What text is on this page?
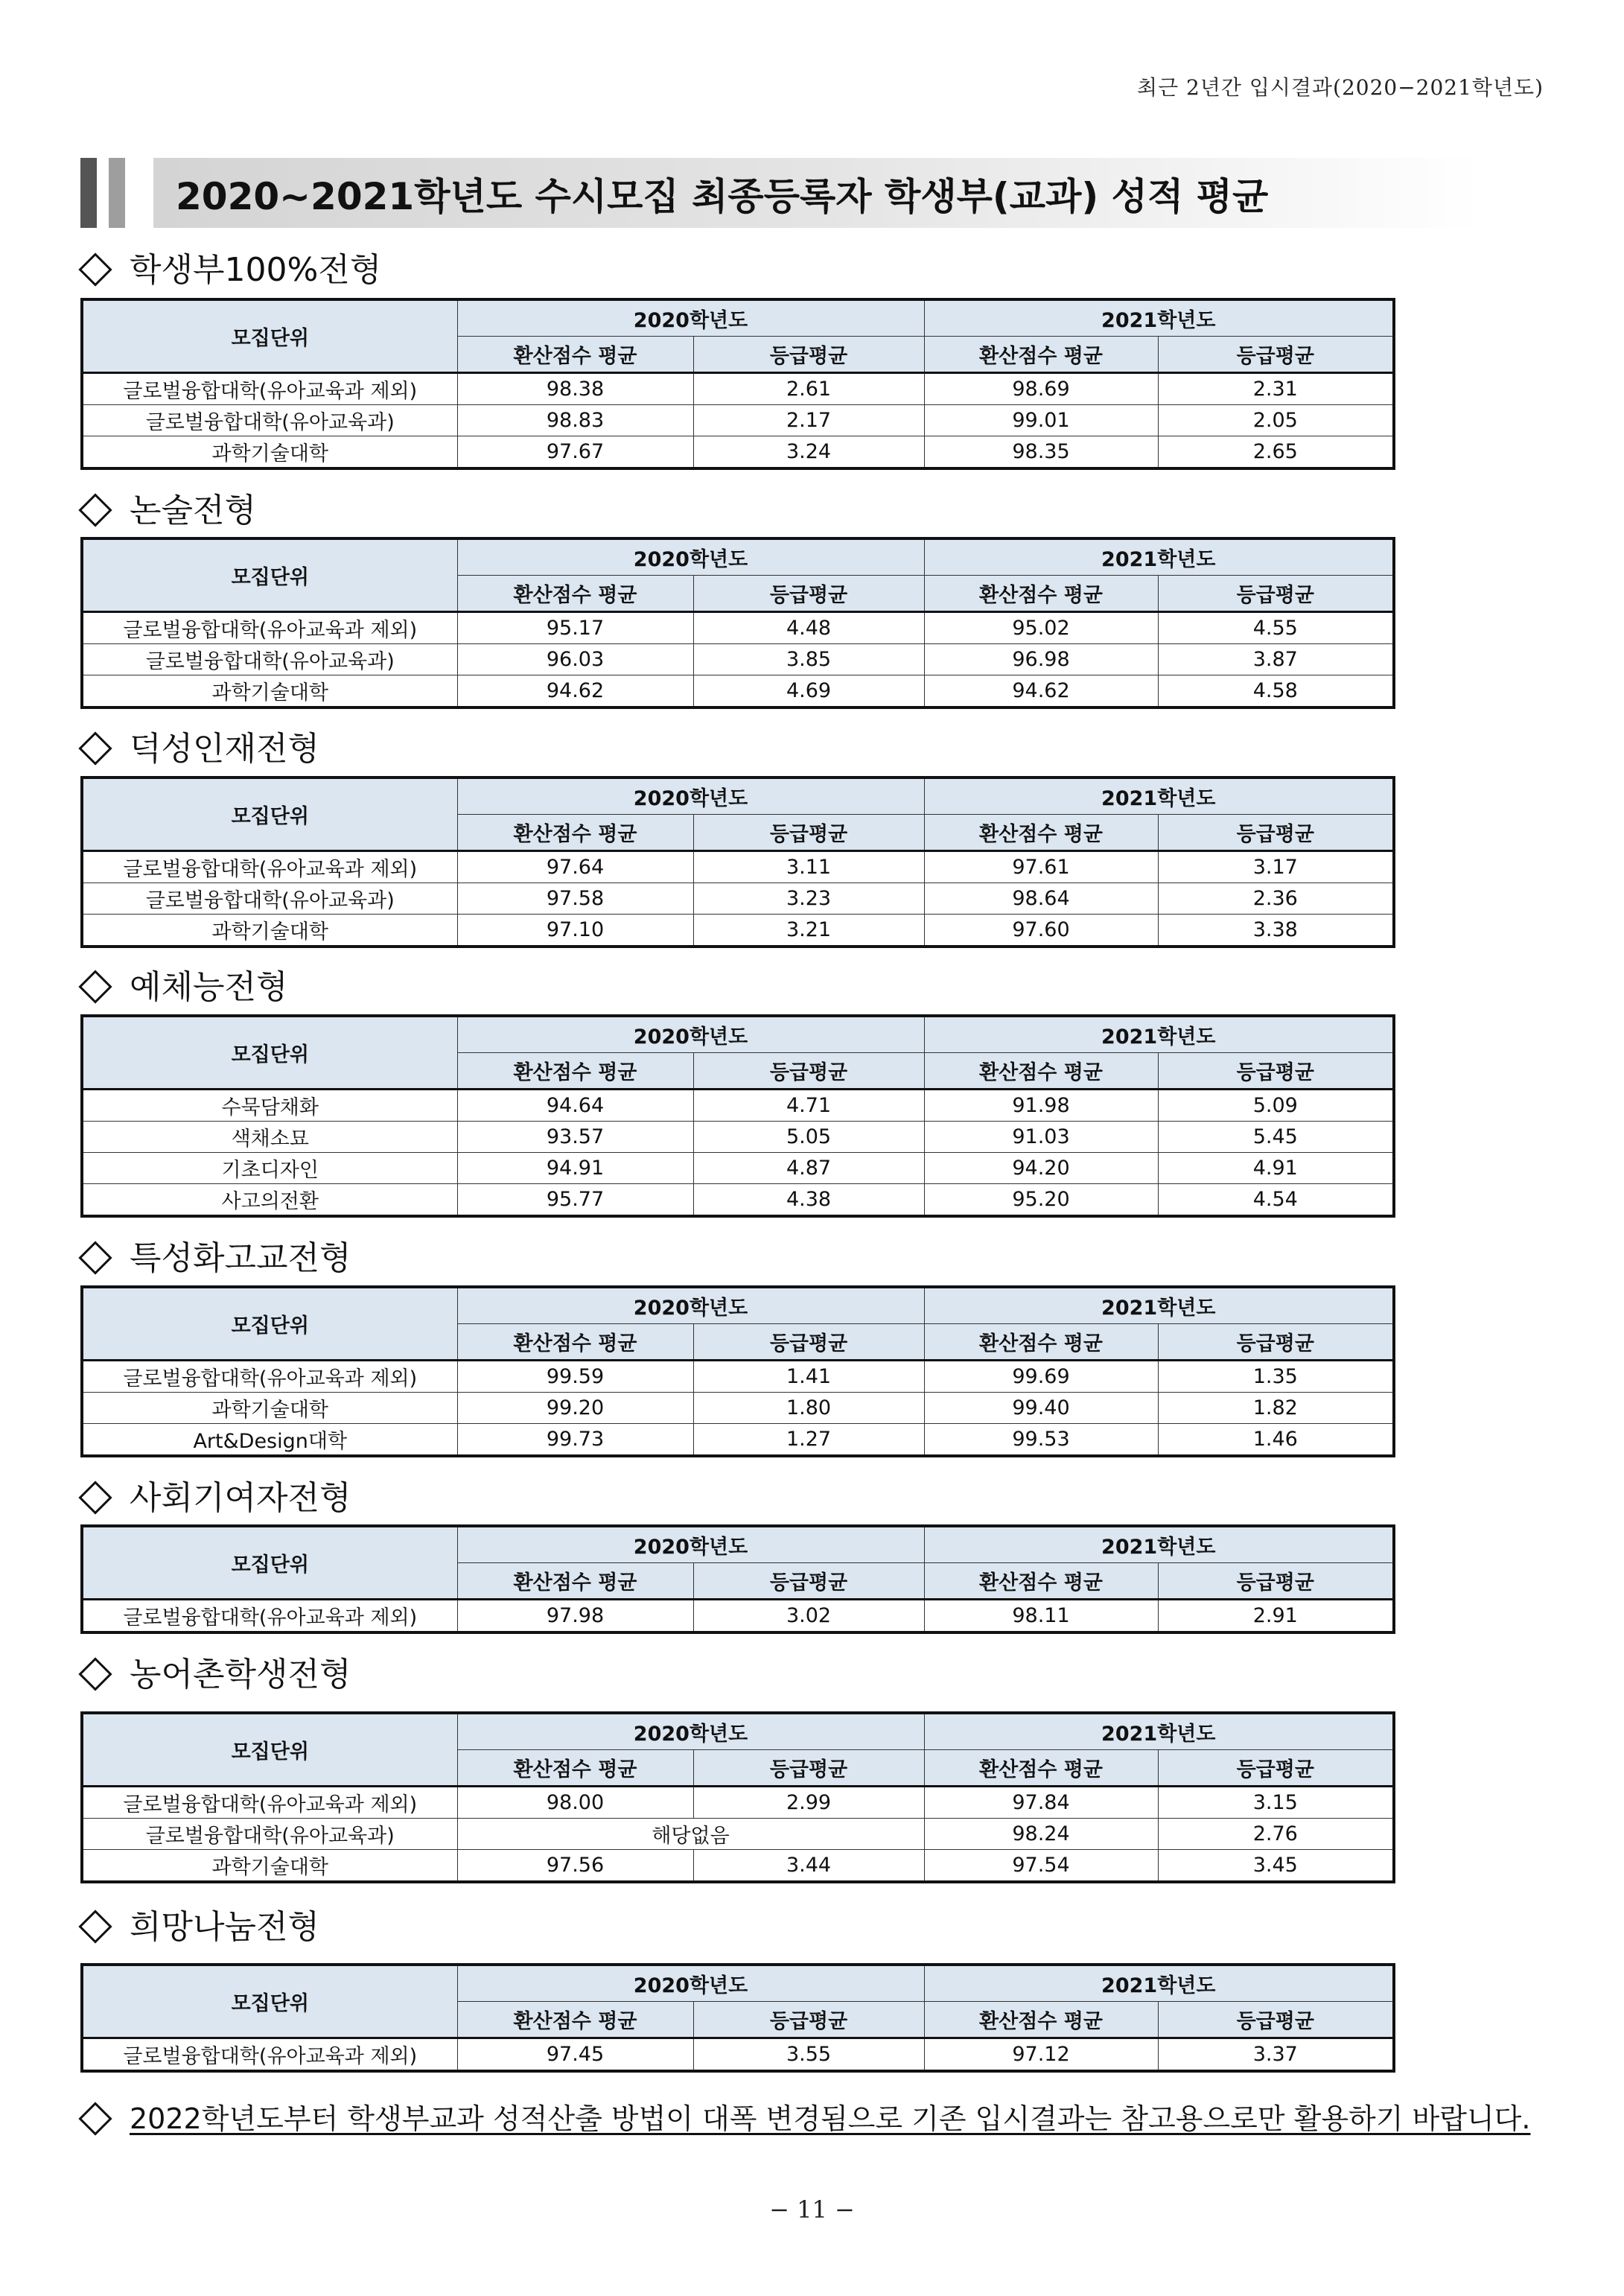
최근 2년간 입시결과(2020−2021학년도)
2020~2021학년도 수시모집 최종등록자 학생부(교과) 성적 평균
학생부100%전형
모집단위	2020학년도		2021학년도	
	환산점수 평균	등급평균	환산점수 평균	등급평균
글로벌융합대학(유아교육과 제외)	98.38	2.61	98.69	2.31
글로벌융합대학(유아교육과)	98.83	2.17	99.01	2.05
과학기술대학	97.67	3.24	98.35	2.65
논술전형
모집단위	2020학년도		2021학년도	
	환산점수 평균	등급평균	환산점수 평균	등급평균
글로벌융합대학(유아교육과 제외)	95.17	4.48	95.02	4.55
글로벌융합대학(유아교육과)	96.03	3.85	96.98	3.87
과학기술대학	94.62	4.69	94.62	4.58
덕성인재전형
모집단위	2020학년도		2021학년도	
	환산점수 평균	등급평균	환산점수 평균	등급평균
글로벌융합대학(유아교육과 제외)	97.64	3.11	97.61	3.17
글로벌융합대학(유아교육과)	97.58	3.23	98.64	2.36
과학기술대학	97.10	3.21	97.60	3.38
예체능전형
모집단위	2020학년도		2021학년도	
	환산점수 평균	등급평균	환산점수 평균	등급평균
수묵담채화	94.64	4.71	91.98	5.09
색채소묘	93.57	5.05	91.03	5.45
기초디자인	94.91	4.87	94.20	4.91
사고의전환	95.77	4.38	95.20	4.54
특성화고교전형
모집단위	2020학년도		2021학년도	
	환산점수 평균	등급평균	환산점수 평균	등급평균
글로벌융합대학(유아교육과 제외)	99.59	1.41	99.69	1.35
과학기술대학	99.20	1.80	99.40	1.82
Art&Design대학	99.73	1.27	99.53	1.46
사회기여자전형
모집단위	2020학년도		2021학년도	
	환산점수 평균	등급평균	환산점수 평균	등급평균
글로벌융합대학(유아교육과 제외)	97.98	3.02	98.11	2.91
농어촌학생전형
모집단위	2020학년도		2021학년도	
	환산점수 평균	등급평균	환산점수 평균	등급평균
글로벌융합대학(유아교육과 제외)	98.00	2.99	97.84	3.15
글로벌융합대학(유아교육과)	해당없음		98.24	2.76
과학기술대학	97.56	3.44	97.54	3.45
희망나눔전형
모집단위	2020학년도		2021학년도	
	환산점수 평균	등급평균	환산점수 평균	등급평균
글로벌융합대학(유아교육과 제외)	97.45	3.55	97.12	3.37
2022학년도부터 학생부교과 성적산출 방법이 대폭 변경됨으로 기존 입시결과는 참고용으로만 활용하기 바랍니다.
− 11 −
